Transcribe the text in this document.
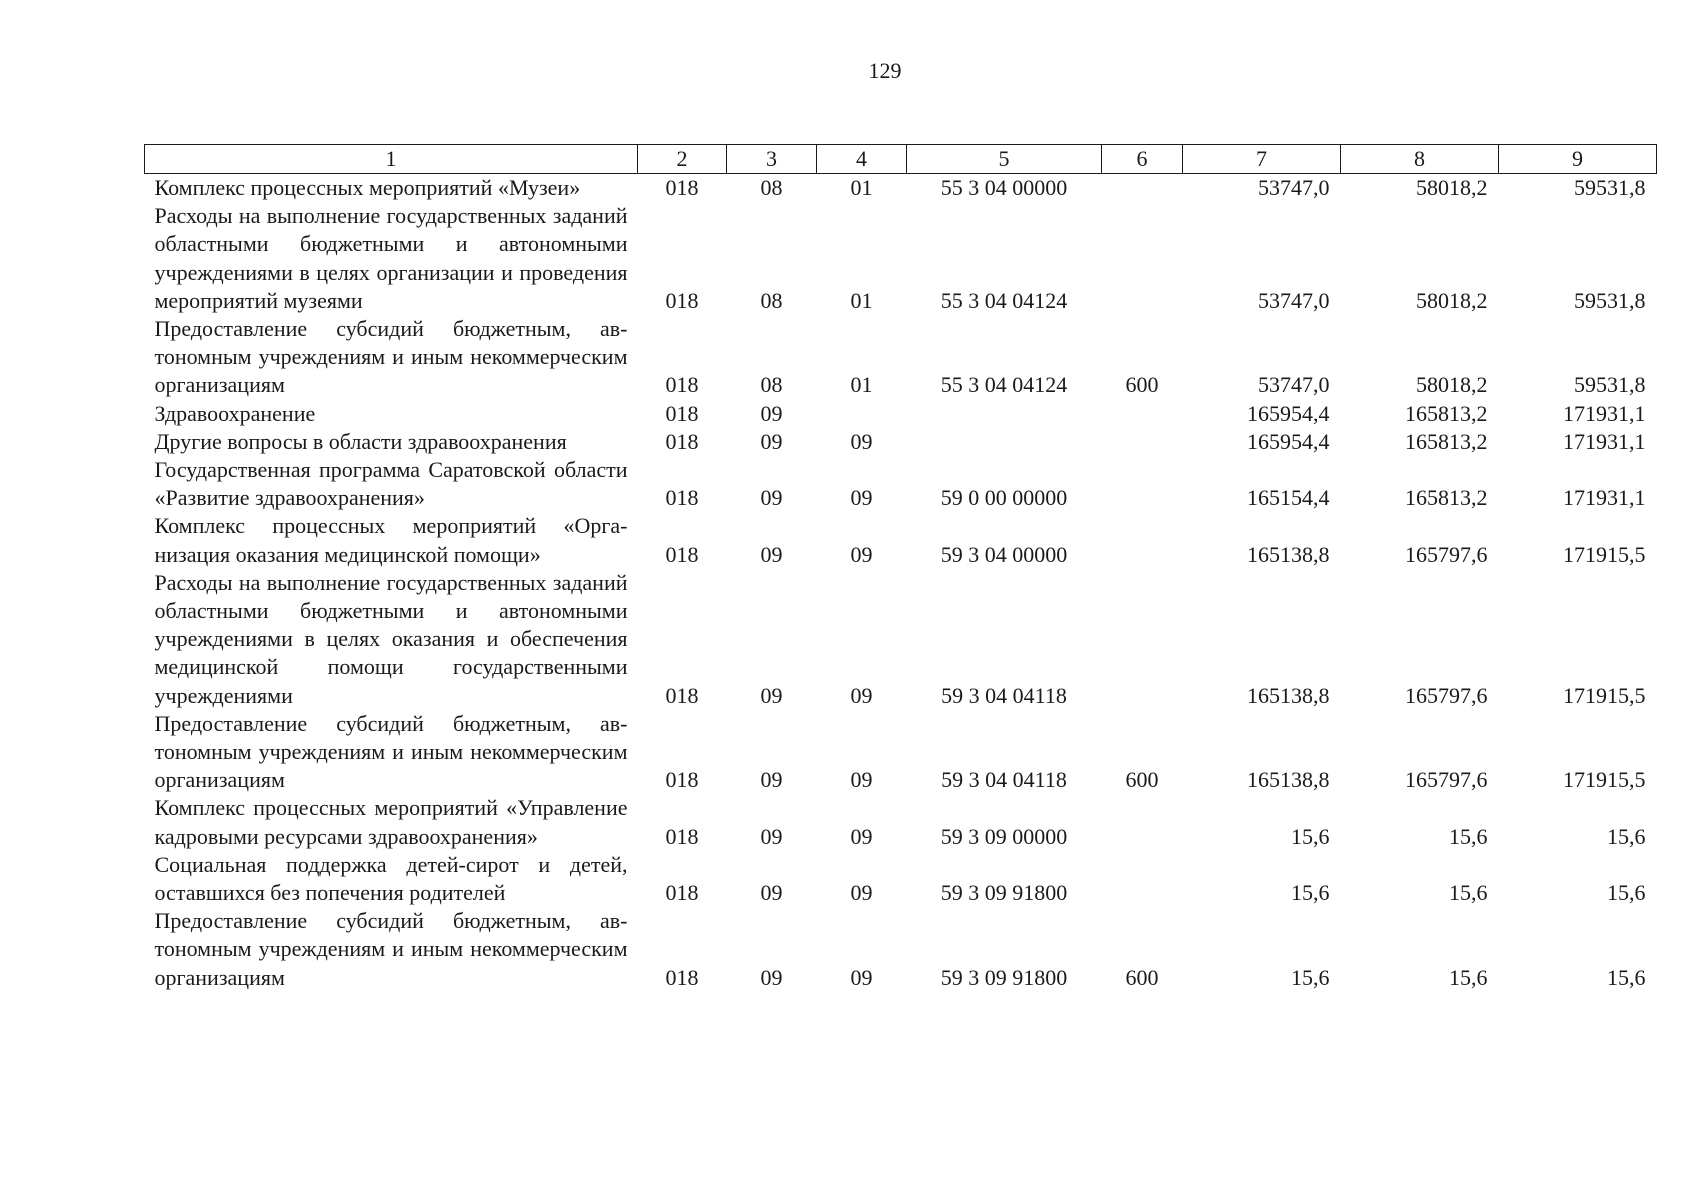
129
1	2	3	4	5	6	7	8	9
Комплекс процессных мероприятий «Музеи»	018	08	01	55 3 04 00000		53747,0	58018,2	59531,8
Расходы на выполнение государственных заданий областными бюджетными и автономными учреждениями в целях организации и проведения мероприятий музеями	018	08	01	55 3 04 04124		53747,0	58018,2	59531,8
Предоставление субсидий бюджетным, автономным учреждениям и иным некоммерческим организациям	018	08	01	55 3 04 04124	600	53747,0	58018,2	59531,8
Здравоохранение	018	09				165954,4	165813,2	171931,1
Другие вопросы в области здравоохранения	018	09	09			165954,4	165813,2	171931,1
Государственная программа Саратовской области «Развитие здравоохранения»	018	09	09	59 0 00 00000		165154,4	165813,2	171931,1
Комплекс процессных мероприятий «Организация оказания медицинской помощи»	018	09	09	59 3 04 00000		165138,8	165797,6	171915,5
Расходы на выполнение государственных заданий областными бюджетными и автономными учреждениями в целях оказания и обеспечения медицинской помощи государственными учреждениями	018	09	09	59 3 04 04118		165138,8	165797,6	171915,5
Предоставление субсидий бюджетным, автономным учреждениям и иным некоммерческим организациям	018	09	09	59 3 04 04118	600	165138,8	165797,6	171915,5
Комплекс процессных мероприятий «Управление кадровыми ресурсами здравоохранения»	018	09	09	59 3 09 00000		15,6	15,6	15,6
Социальная поддержка детей-сирот и детей, оставшихся без попечения родителей	018	09	09	59 3 09 91800		15,6	15,6	15,6
Предоставление субсидий бюджетным, автономным учреждениям и иным некоммерческим организациям	018	09	09	59 3 09 91800	600	15,6	15,6	15,6
